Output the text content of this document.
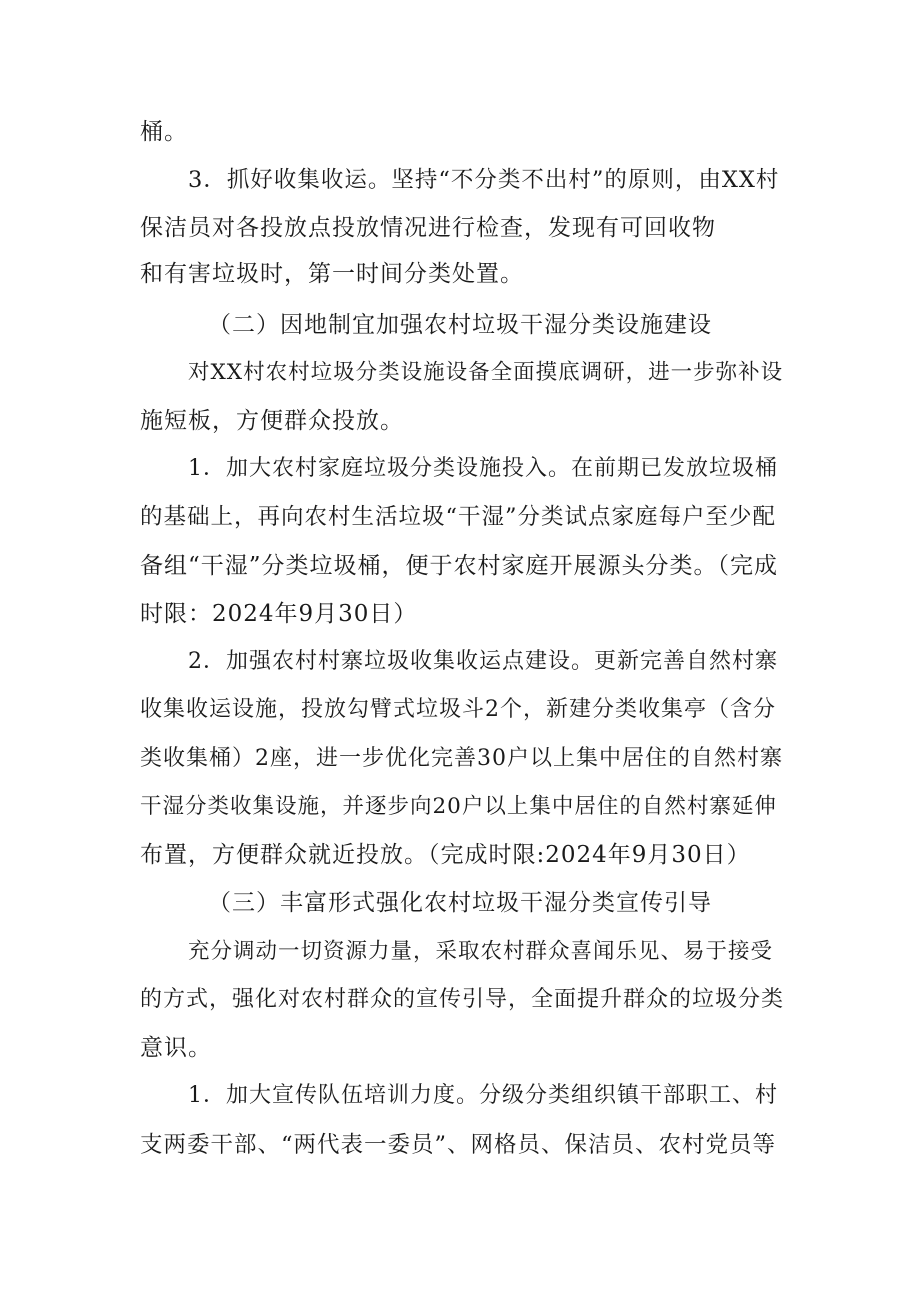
桶。
3．抓好收集收运。坚持“不分类不出村”的原则，由XX村
保洁员对各投放点投放情况进行检查，发现有可回收物
和有害垃圾时，第一时间分类处置。
（二）因地制宜加强农村垃圾干湿分类设施建设
对XX村农村垃圾分类设施设备全面摸底调研，进一步弥补设
施短板，方便群众投放。
1．加大农村家庭垃圾分类设施投入。在前期已发放垃圾桶
的基础上，再向农村生活垃圾“干湿”分类试点家庭每户至少配
备组“干湿”分类垃圾桶，便于农村家庭开展源头分类。（完成
时限：2024年9月30日）
2．加强农村村寨垃圾收集收运点建设。更新完善自然村寨
收集收运设施，投放勾臂式垃圾斗2个，新建分类收集亭（含分
类收集桶）2座，进一步优化完善30户以上集中居住的自然村寨
干湿分类收集设施，并逐步向20户以上集中居住的自然村寨延伸
布置，方便群众就近投放。（完成时限:2024年9月30日）
（三）丰富形式强化农村垃圾干湿分类宣传引导
充分调动一切资源力量，采取农村群众喜闻乐见、易于接受
的方式，强化对农村群众的宣传引导，全面提升群众的垃圾分类
意识。
1．加大宣传队伍培训力度。分级分类组织镇干部职工、村
支两委干部、“两代表一委员”、网格员、保洁员、农村党员等
